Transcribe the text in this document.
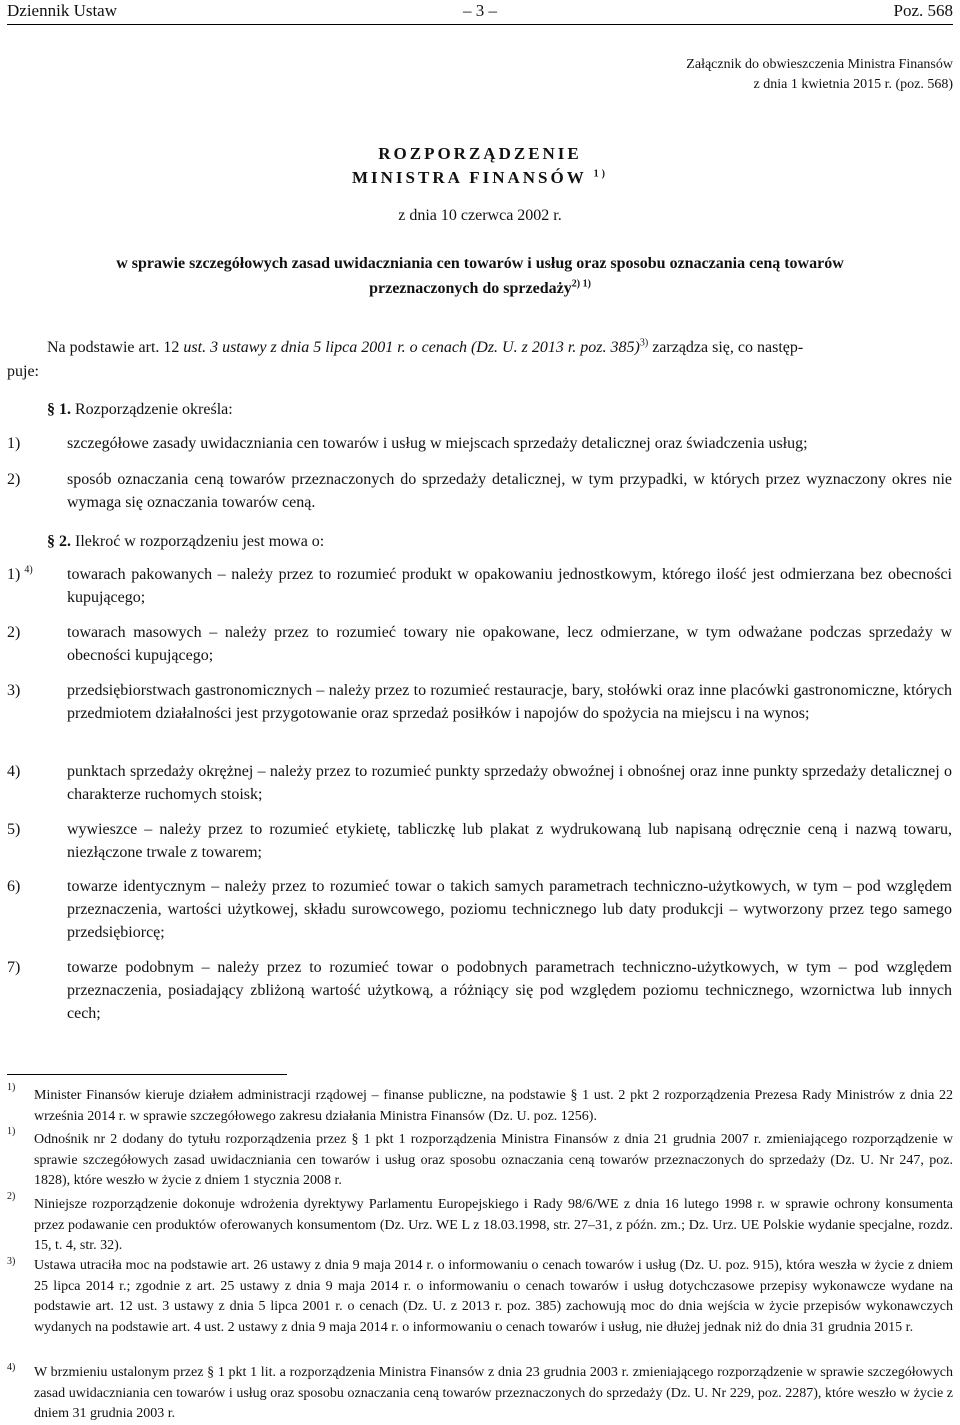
Dziennik Ustaw	– 3 –	Poz. 568
Załącznik do obwieszczenia Ministra Finansów
z dnia 1 kwietnia 2015 r. (poz. 568)
ROZPORZĄDZENIE
MINISTRA FINANSÓW $^{1)}$
z dnia 10 czerwca 2002 r.
w sprawie szczegółowych zasad uwidaczniania cen towarów i usług oraz sposobu oznaczania ceną towarów
przeznaczonych do sprzedaży$^{2) 1)}$
Na podstawie art. 12 ust. 3 ustawy z dnia 5 lipca 2001 r. o cenach (Dz. U. z 2013 r. poz. 385)$^{3)}$ zarządza się, co następ-
puje:
§ 1. Rozporządzenie określa:
1)	szczegółowe zasady uwidaczniania cen towarów i usług w miejscach sprzedaży detalicznej oraz świadczenia usług;
2)	sposób oznaczania ceną towarów przeznaczonych do sprzedaży detalicznej, w tym przypadki, w których przez wyznaczony okres nie wymaga się oznaczania towarów ceną.
§ 2. Ilekroć w rozporządzeniu jest mowa o:
1) $^{4)}$ towarach pakowanych – należy przez to rozumieć produkt w opakowaniu jednostkowym, którego ilość jest odmierzana bez obecności kupującego;
2)	towarach masowych – należy przez to rozumieć towary nie opakowane, lecz odmierzane, w tym odważane podczas sprzedaży w obecności kupującego;
3)	przedsiębiorstwach gastronomicznych – należy przez to rozumieć restauracje, bary, stołówki oraz inne placówki gastronomiczne, których przedmiotem działalności jest przygotowanie oraz sprzedaż posiłków i napojów do spożycia na miejscu i na wynos;
4)	punktach sprzedaży okrężnej – należy przez to rozumieć punkty sprzedaży obwoźnej i obnośnej oraz inne punkty sprzedaży detalicznej o charakterze ruchomych stoisk;
5)	wywieszce – należy przez to rozumieć etykietę, tabliczkę lub plakat z wydrukowaną lub napisaną odręcznie ceną i nazwą towaru, niezłączone trwale z towarem;
6)	towarze identycznym – należy przez to rozumieć towar o takich samych parametrach techniczno-użytkowych, w tym – pod względem przeznaczenia, wartości użytkowej, składu surowcowego, poziomu technicznego lub daty produkcji – wytworzony przez tego samego przedsiębiorcę;
7)	towarze podobnym – należy przez to rozumieć towar o podobnych parametrach techniczno-użytkowych, w tym – pod względem przeznaczenia, posiadający zbliżoną wartość użytkową, a różniący się pod względem poziomu technicznego, wzornictwa lub innych cech;
1)
Minister Finansów kieruje działem administracji rządowej – finanse publiczne, na podstawie § 1 ust. 2 pkt 2 rozporządzenia Prezesa Rady Ministrów z dnia 22 września 2014 r. w sprawie szczegółowego zakresu działania Ministra Finansów (Dz. U. poz. 1256).
1)
Odnośnik nr 2 dodany do tytułu rozporządzenia przez § 1 pkt 1 rozporządzenia Ministra Finansów z dnia 21 grudnia 2007 r. zmieniającego rozporządzenie w sprawie szczegółowych zasad uwidaczniania cen towarów i usług oraz sposobu oznaczania ceną towarów przeznaczonych do sprzedaży (Dz. U. Nr 247, poz. 1828), które weszło w życie z dniem 1 stycznia 2008 r.
2)
Niniejsze rozporządzenie dokonuje wdrożenia dyrektywy Parlamentu Europejskiego i Rady 98/6/WE z dnia 16 lutego 1998 r. w sprawie ochrony konsumenta przez podawanie cen produktów oferowanych konsumentom (Dz. Urz. WE L z 18.03.1998, str. 27–31, z późn. zm.; Dz. Urz. UE Polskie wydanie specjalne, rozdz. 15, t. 4, str. 32).
3) Ustawa utraciła moc na podstawie art. 26 ustawy z dnia 9 maja 2014 r. o informowaniu o cenach towarów i usług (Dz. U. poz. 915), która weszła w życie z dniem 25 lipca 2014 r.; zgodnie z art. 25 ustawy z dnia 9 maja 2014 r. o informowaniu o cenach towarów i usług dotychczasowe przepisy wykonawcze wydane na podstawie art. 12 ust. 3 ustawy z dnia 5 lipca 2001 r. o cenach (Dz. U. z 2013 r. poz. 385) zachowują moc do dnia wejścia w życie przepisów wykonawczych wydanych na podstawie art. 4 ust. 2 ustawy z dnia 9 maja 2014 r. o informowaniu o cenach towarów i usług, nie dłużej jednak niż do dnia 31 grudnia 2015 r.
4) W brzmieniu ustalonym przez § 1 pkt 1 lit. a rozporządzenia Ministra Finansów z dnia 23 grudnia 2003 r. zmieniającego rozporządzenie w sprawie szczegółowych zasad uwidaczniania cen towarów i usług oraz sposobu oznaczania ceną towarów przeznaczonych do sprzedaży (Dz. U. Nr 229, poz. 2287), które weszło w życie z dniem 31 grudnia 2003 r.
